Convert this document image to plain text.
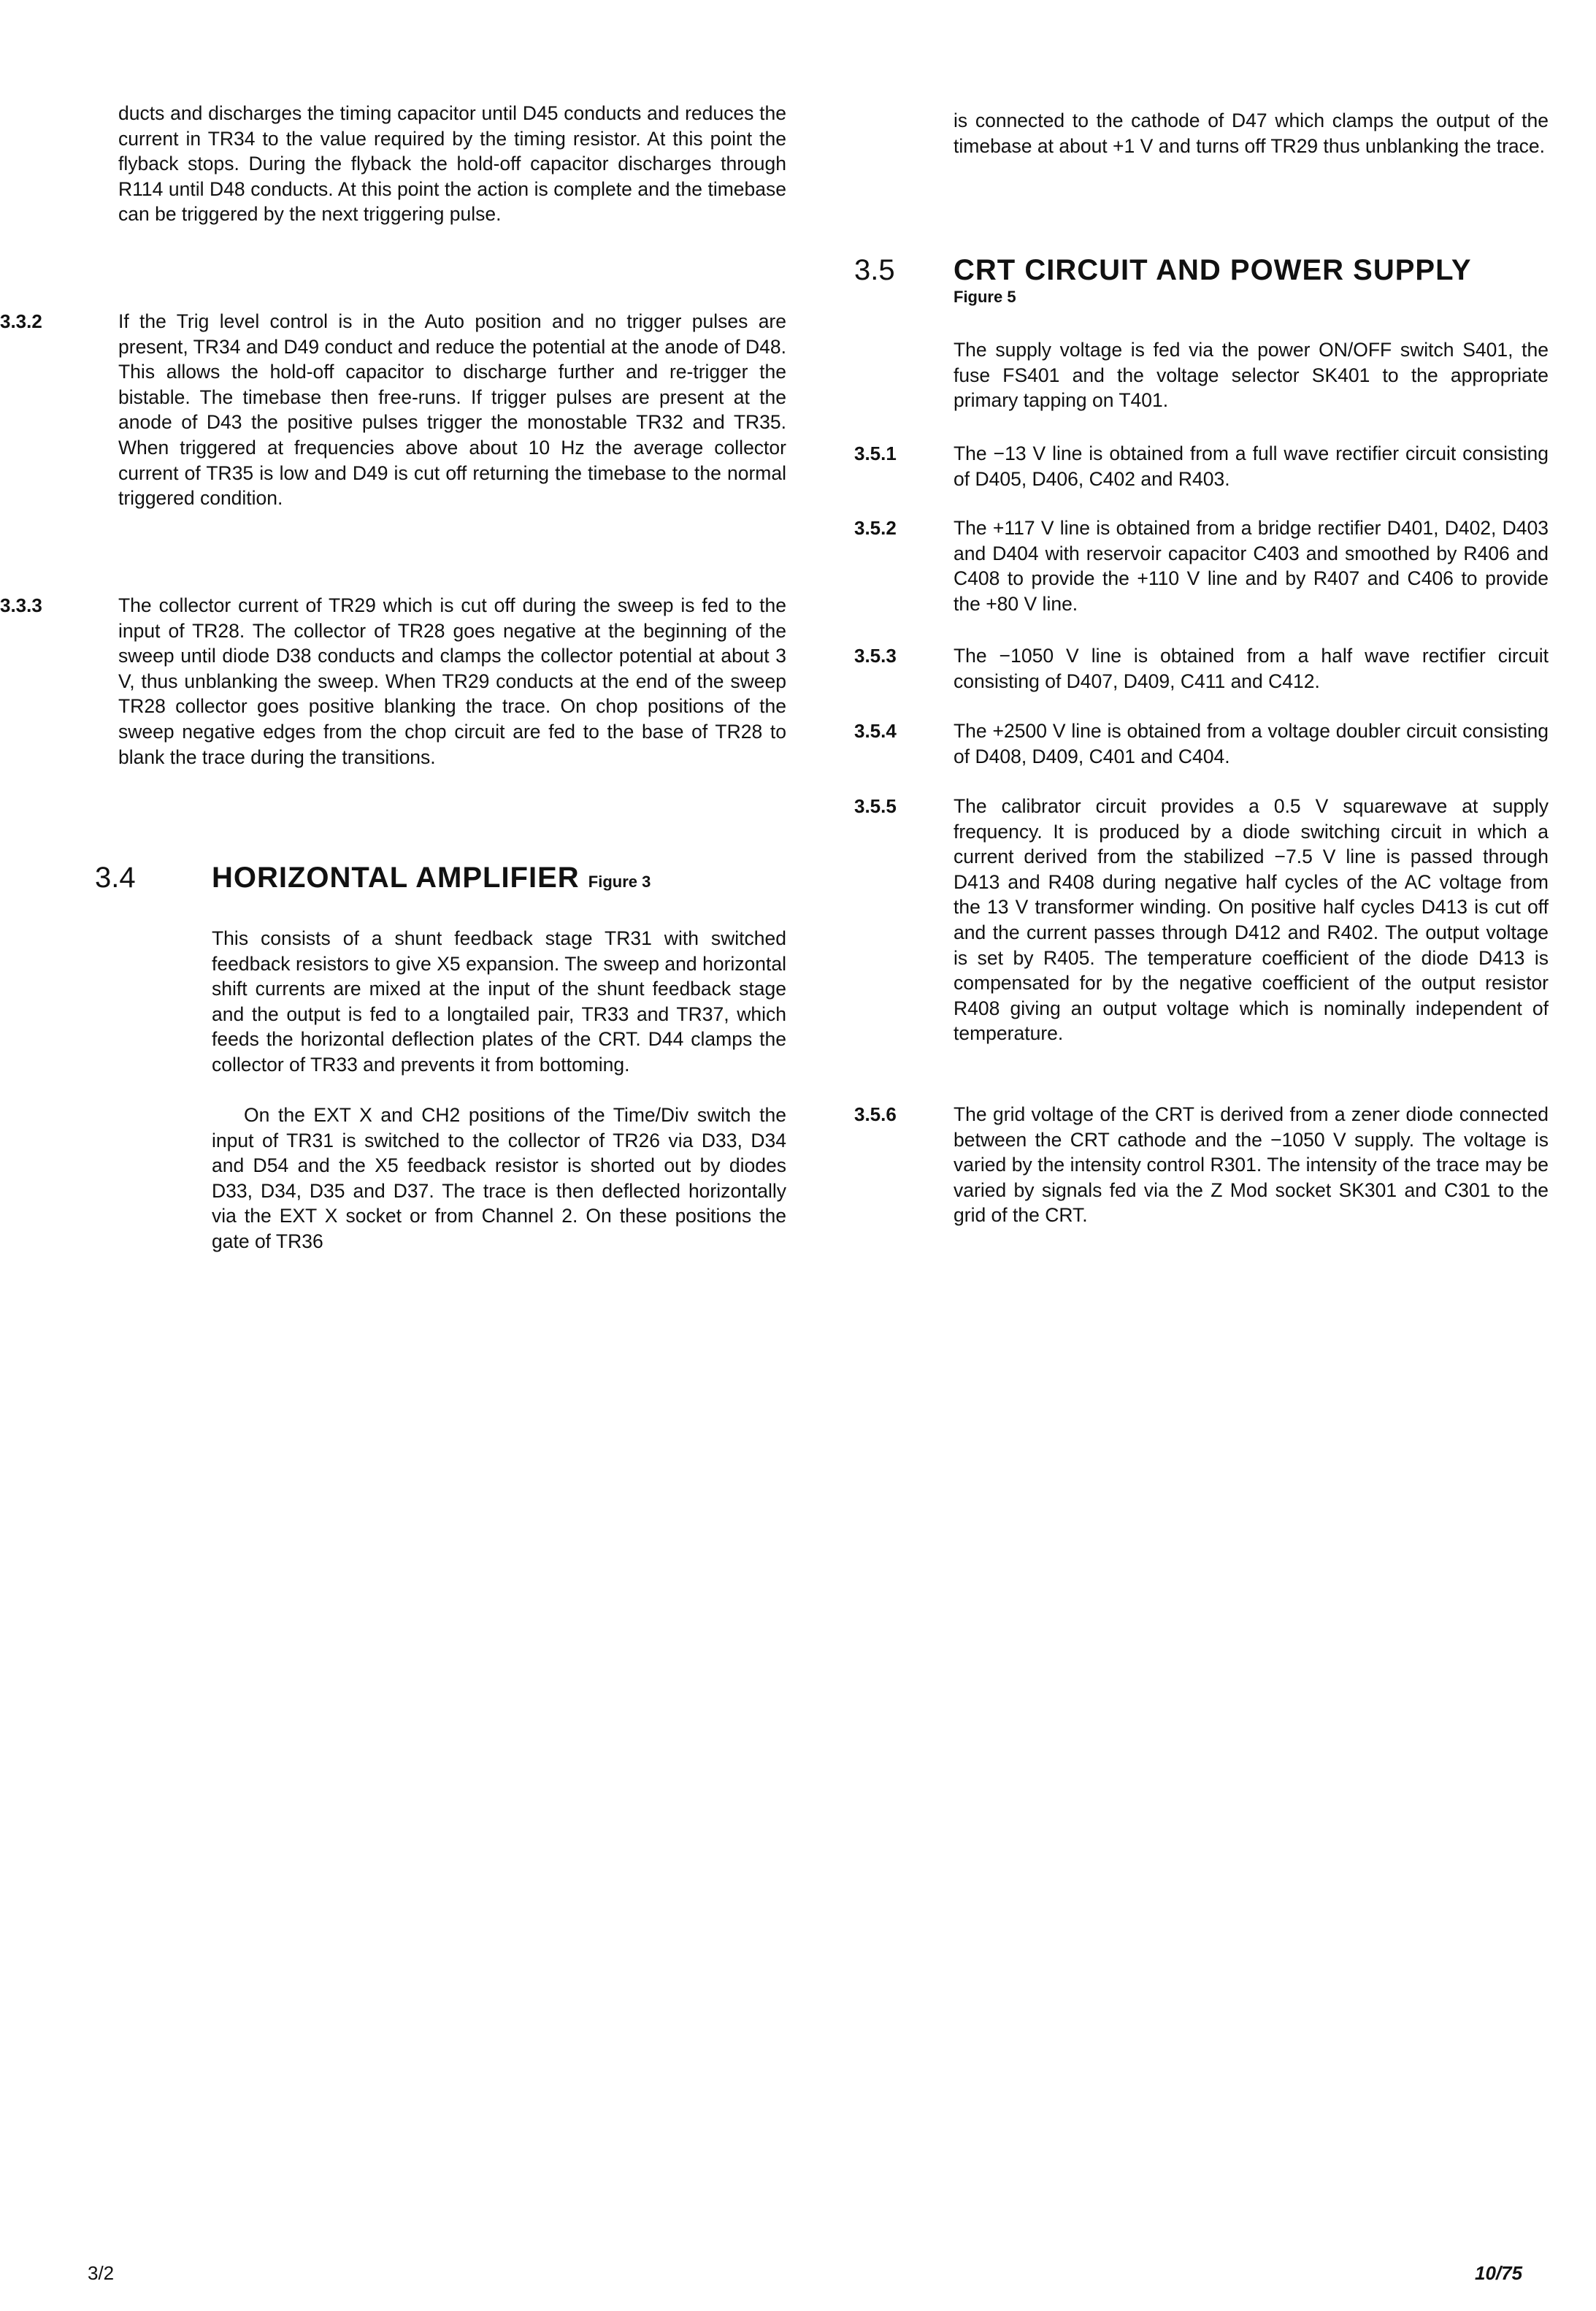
ducts and discharges the timing capacitor until D45 conducts and reduces the current in TR34 to the value required by the timing resistor. At this point the flyback stops. During the flyback the hold-off capacitor discharges through R114 until D48 conducts. At this point the action is complete and the timebase can be triggered by the next triggering pulse.
3.3.2	If the Trig level control is in the Auto position and no trigger pulses are present, TR34 and D49 conduct and reduce the potential at the anode of D48. This allows the hold-off capacitor to discharge further and re-trigger the bistable. The timebase then free-runs. If trigger pulses are present at the anode of D43 the positive pulses trigger the monostable TR32 and TR35. When triggered at frequencies above about 10 Hz the average collector current of TR35 is low and D49 is cut off returning the timebase to the normal triggered condition.
3.3.3	The collector current of TR29 which is cut off during the sweep is fed to the input of TR28. The collector of TR28 goes negative at the beginning of the sweep until diode D38 conducts and clamps the collector potential at about 3 V, thus unblanking the sweep. When TR29 conducts at the end of the sweep TR28 collector goes positive blanking the trace. On chop positions of the sweep negative edges from the chop circuit are fed to the base of TR28 to blank the trace during the transitions.
3.4	HORIZONTAL AMPLIFIER Figure 3
This consists of a shunt feedback stage TR31 with switched feedback resistors to give X5 expansion. The sweep and horizontal shift currents are mixed at the input of the shunt feedback stage and the output is fed to a longtailed pair, TR33 and TR37, which feeds the horizontal deflection plates of the CRT. D44 clamps the collector of TR33 and prevents it from bottoming.
On the EXT X and CH2 positions of the Time/Div switch the input of TR31 is switched to the collector of TR26 via D33, D34 and D54 and the X5 feedback resistor is shorted out by diodes D33, D34, D35 and D37. The trace is then deflected horizontally via the EXT X socket or from Channel 2. On these positions the gate of TR36
is connected to the cathode of D47 which clamps the output of the timebase at about +1 V and turns off TR29 thus unblanking the trace.
3.5 CRT CIRCUIT AND POWER SUPPLY
Figure 5
The supply voltage is fed via the power ON/OFF switch S401, the fuse FS401 and the voltage selector SK401 to the appropriate primary tapping on T401.
3.5.1	The −13 V line is obtained from a full wave rectifier circuit consisting of D405, D406, C402 and R403.
3.5.2	The +117 V line is obtained from a bridge rectifier D401, D402, D403 and D404 with reservoir capacitor C403 and smoothed by R406 and C408 to provide the +110 V line and by R407 and C406 to provide the +80 V line.
3.5.3	The −1050 V line is obtained from a half wave rectifier circuit consisting of D407, D409, C411 and C412.
3.5.4	The +2500 V line is obtained from a voltage doubler circuit consisting of D408, D409, C401 and C404.
3.5.5	The calibrator circuit provides a 0.5 V squarewave at supply frequency. It is produced by a diode switching circuit in which a current derived from the stabilized −7.5 V line is passed through D413 and R408 during negative half cycles of the AC voltage from the 13 V transformer winding. On positive half cycles D413 is cut off and the current passes through D412 and R402. The output voltage is set by R405. The temperature coefficient of the diode D413 is compensated for by the negative coefficient of the output resistor R408 giving an output voltage which is nominally independent of temperature.
3.5.6	The grid voltage of the CRT is derived from a zener diode connected between the CRT cathode and the −1050 V supply. The voltage is varied by the intensity control R301. The intensity of the trace may be varied by signals fed via the Z Mod socket SK301 and C301 to the grid of the CRT.
3/2	10/75
